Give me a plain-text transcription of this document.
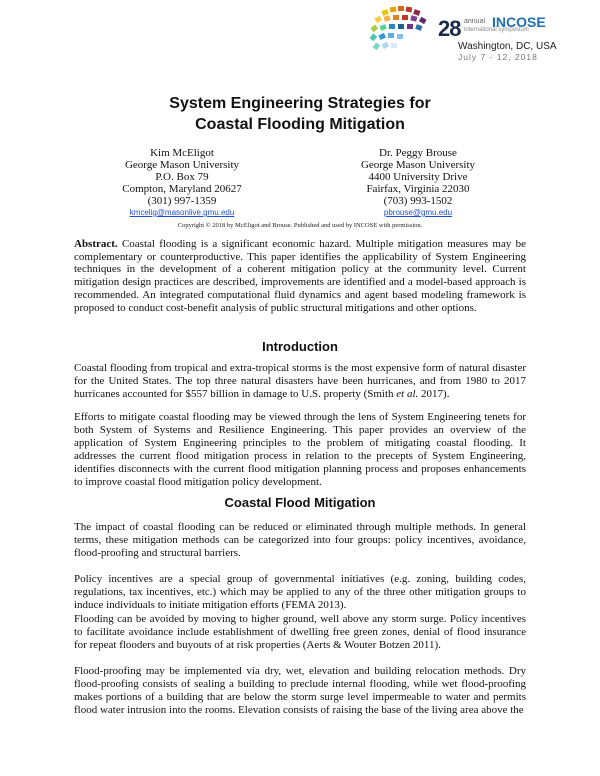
28 annual INCOSE
international symposium
Washington, DC, USA
July 7 - 12, 2018
System Engineering Strategies for
Coastal Flooding Mitigation
Kim McEligot
George Mason University
P.O. Box 79
Compton, Maryland 20627
(301) 997-1359
kmcelig@masonlive.gmu.edu
Dr. Peggy Brouse
George Mason University
4400 University Drive
Fairfax, Virginia 22030
(703) 993-1502
pbrouse@gmu.edu
Copyright © 2018 by McEligot and Brouse. Published and used by INCOSE with permission.

Abstract. Coastal flooding is a significant economic hazard. Multiple mitigation measures may be complementary or counterproductive. This paper identifies the applicability of System Engineering techniques in the development of a coherent mitigation policy at the community level. Current mitigation design practices are described, improvements are identified and a model-based approach is recommended. An integrated computational fluid dynamics and agent based modeling framework is proposed to conduct cost-benefit analysis of public structural mitigations and other options.

Introduction

Coastal flooding from tropical and extra-tropical storms is the most expensive form of natural disaster for the United States. The top three natural disasters have been hurricanes, and from 1980 to 2017 hurricanes accounted for $557 billion in damage to U.S. property (Smith et al. 2017).

Efforts to mitigate coastal flooding may be viewed through the lens of System Engineering tenets for both System of Systems and Resilience Engineering. This paper provides an overview of the application of System Engineering principles to the problem of mitigating coastal flooding. It addresses the current flood mitigation process in relation to the precepts of System Engineering, identifies disconnects with the current flood mitigation planning process and proposes enhancements to improve coastal flood mitigation policy development.

Coastal Flood Mitigation

The impact of coastal flooding can be reduced or eliminated through multiple methods. In general terms, these mitigation methods can be categorized into four groups: policy incentives, avoidance, flood-proofing and structural barriers.

Policy incentives are a special group of governmental initiatives (e.g. zoning, building codes, regulations, tax incentives, etc.) which may be applied to any of the three other mitigation groups to induce individuals to initiate mitigation efforts (FEMA 2013).

Flooding can be avoided by moving to higher ground, well above any storm surge. Policy incentives to facilitate avoidance include establishment of dwelling free green zones, denial of flood insurance for repeat flooders and buyouts of at risk properties (Aerts & Wouter Botzen 2011).

Flood-proofing may be implemented via dry, wet, elevation and building relocation methods. Dry flood-proofing consists of sealing a building to preclude internal flooding, while wet flood-proofing makes portions of a building that are below the storm surge level impermeable to water and permits flood water intrusion into the rooms. Elevation consists of raising the base of the living area above the
